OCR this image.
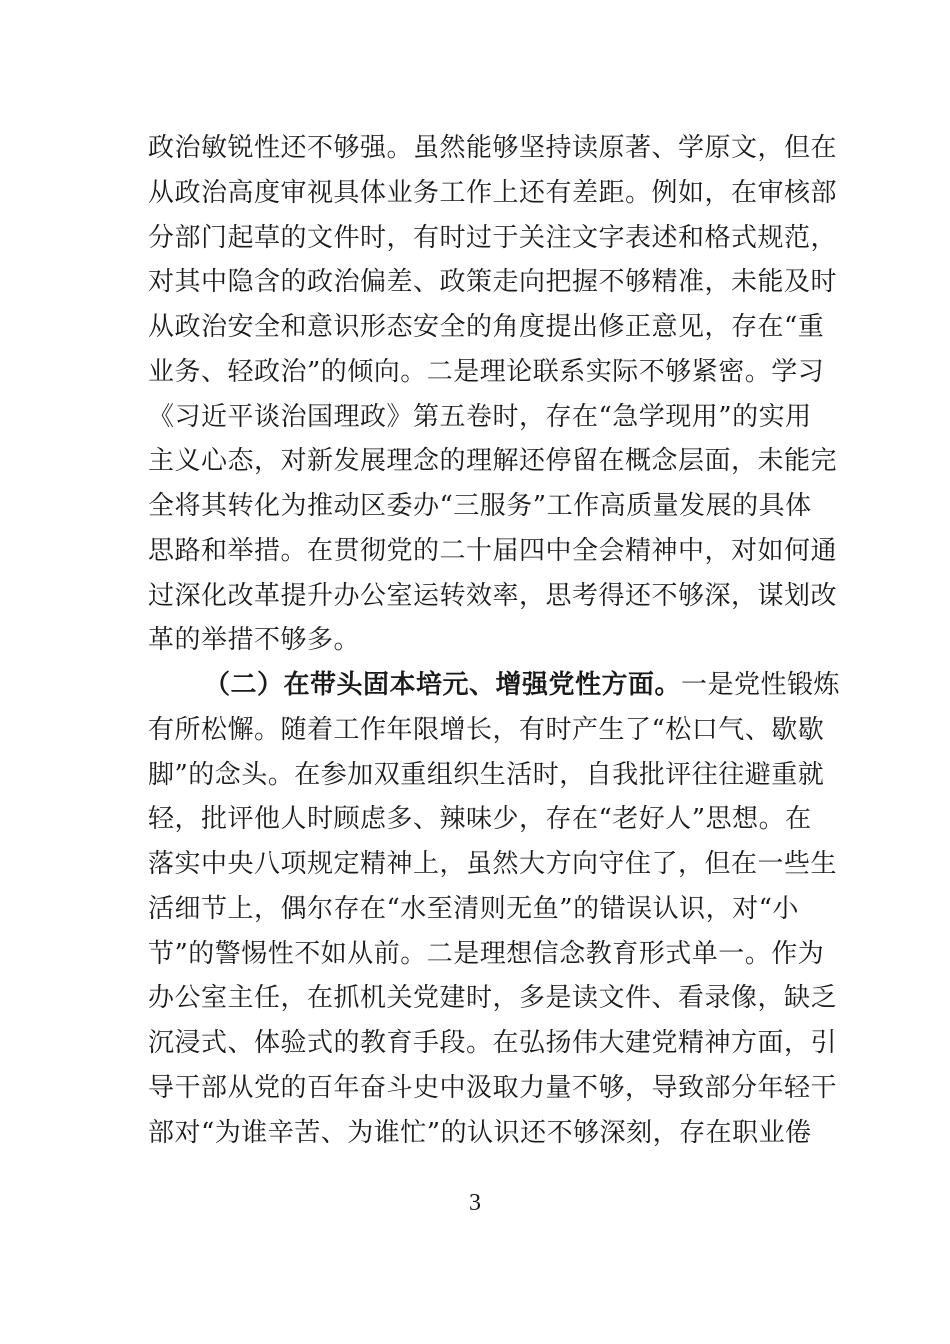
政治敏锐性还不够强。虽然能够坚持读原著、学原文，但在
从政治高度审视具体业务工作上还有差距。例如，在审核部
分部门起草的文件时，有时过于关注文字表述和格式规范，
对其中隐含的政治偏差、政策走向把握不够精准，未能及时
从政治安全和意识形态安全的角度提出修正意见，存在“重
业务、轻政治”的倾向。二是理论联系实际不够紧密。学习
《习近平谈治国理政》第五卷时，存在“急学现用”的实用
主义心态，对新发展理念的理解还停留在概念层面，未能完
全将其转化为推动区委办“三服务”工作高质量发展的具体
思路和举措。在贯彻党的二十届四中全会精神中，对如何通
过深化改革提升办公室运转效率，思考得还不够深，谋划改
革的举措不够多。
（二）在带头固本培元、增强党性方面。一是党性锻炼
有所松懈。随着工作年限增长，有时产生了“松口气、歇歇
脚”的念头。在参加双重组织生活时，自我批评往往避重就
轻，批评他人时顾虑多、辣味少，存在“老好人”思想。在
落实中央八项规定精神上，虽然大方向守住了，但在一些生
活细节上，偶尔存在“水至清则无鱼”的错误认识，对“小
节”的警惕性不如从前。二是理想信念教育形式单一。作为
办公室主任，在抓机关党建时，多是读文件、看录像，缺乏
沉浸式、体验式的教育手段。在弘扬伟大建党精神方面，引
导干部从党的百年奋斗史中汲取力量不够，导致部分年轻干
部对“为谁辛苦、为谁忙”的认识还不够深刻，存在职业倦
3
